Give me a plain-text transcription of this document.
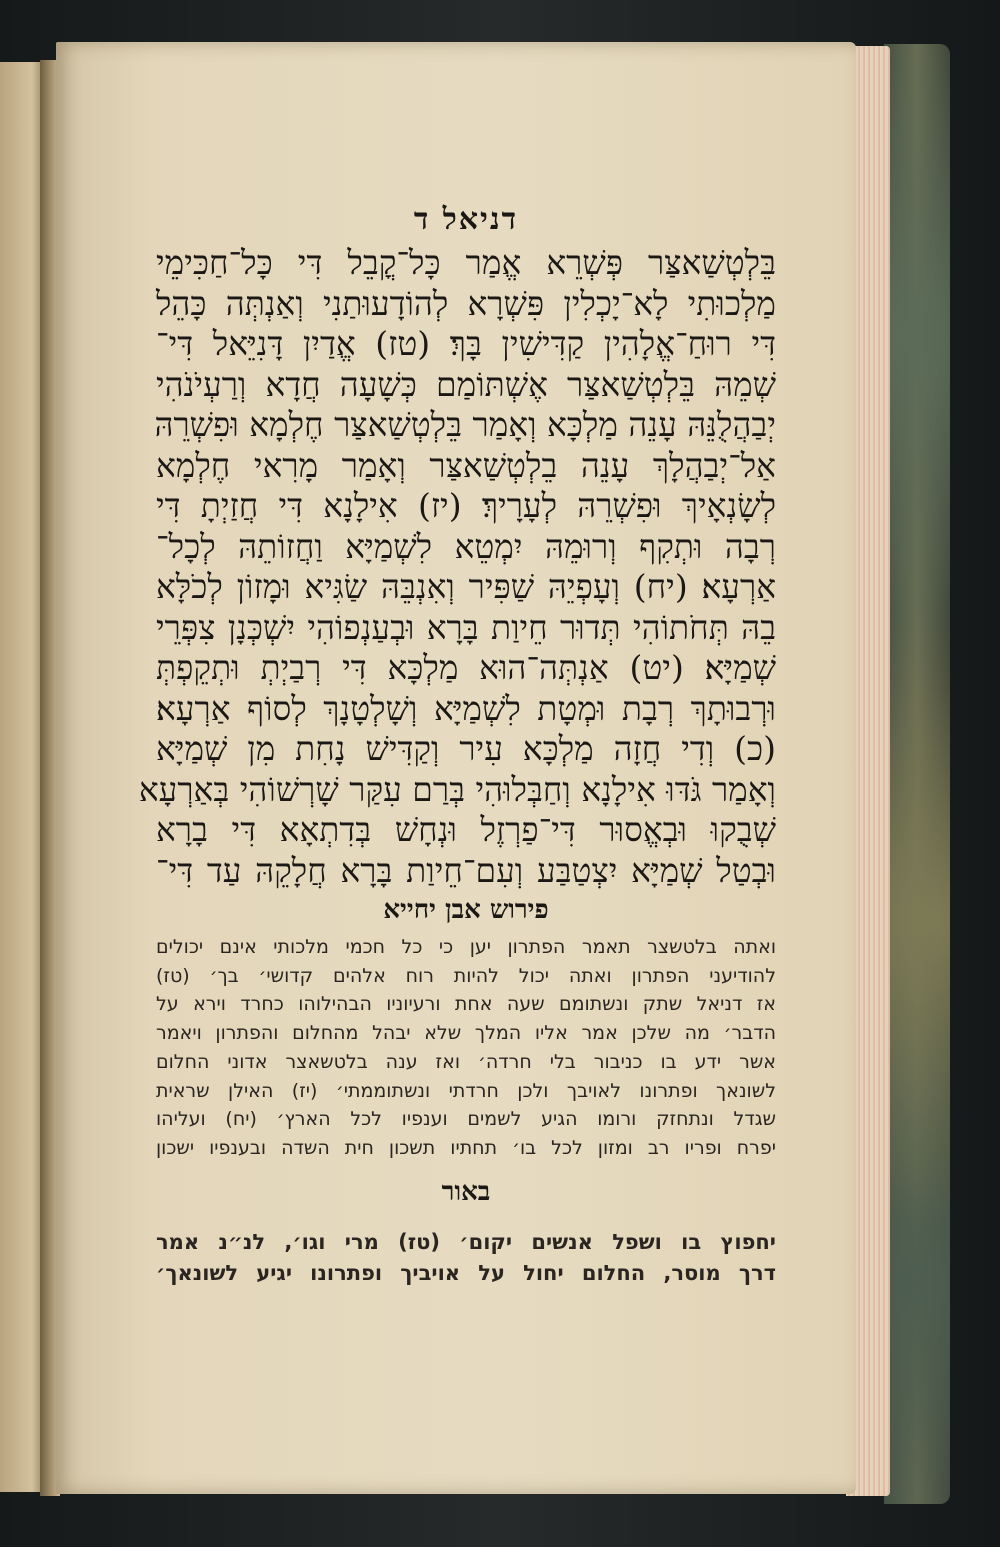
דניאל ד
בֵּלְטְשַׁאצַּר פְּשְׁרֵא אֱמַר כָּל־קֳבֵל דִּי כָּל־חַכִּימֵי
מַלְכוּתִי לָא־יָכְלִין פִּשְׁרָא לְהוֹדָעוּתַנִי וְאַנְתְּה כָּהֵל
דִּי רוּחַ־אֱלָהִין קַדִּישִׁין בָּךְ׃ (טז) אֱדַיִן דָּנִיֵּאל דִּי־
שְׁמֵהּ בֵּלְטְשַׁאצַּר אֶשְׁתּוֹמַם כְּשָׁעָה חֲדָא וְרַעְיֹנֹהִי
יְבַהֲלֻנֵּהּ עָנֵה מַלְכָּא וְאָמַר בֵּלְטְשַׁאצַּר חֶלְמָא וּפִשְׁרֵהּ
אַל־יְבַהֲלָךְ עָנֵה בֵלְטְשַׁאצַּר וְאָמַר מָרִאי חֶלְמָא
לְשָׂנְאָיךְ וּפִשְׁרֵהּ לְעָרָיךְ׃ (יז) אִילָנָא דִּי חֲזַיְתָ דִּי
רְבָה וּתְקִף וְרוּמֵהּ יִמְטֵא לִשְׁמַיָּא וַחֲזוֹתֵהּ לְכָל־
אַרְעָא׃ (יח) וְעָפְיֵהּ שַׁפִּיר וְאִנְבֵּהּ שַׂגִּיא וּמָזוֹן לְכֹלָּא
בֵהּ תְּחֹתוֹהִי תְּדוּר חֵיוַת בָּרָא וּבְעַנְפוֹהִי יִשְׁכְּנָן צִפְּרֵי
שְׁמַיָּא׃ (יט) אַנְתְּה־הוּא מַלְכָּא דִּי רְבַיְתְ וּתְקֵפְתְּ
וּרְבוּתָךְ רְבָת וּמְטָת לִשְׁמַיָּא וְשָׁלְטָנָךְ לְסוֹף אַרְעָא׃
(כ) וְדִי חֲזָה מַלְכָּא עִיר וְקַדִּישׁ נָחִת מִן שְׁמַיָּא
וְאָמַר גֹּדּוּ אִילָנָא וְחַבְּלוּהִי בְּרַם עִקַּר שָׁרְשׁוֹהִי בְּאַרְעָא
שְׁבֻקוּ וּבְאֱסוּר דִּי־פַרְזֶל וּנְחָשׁ בְּדִתְאָא דִּי בָרָא
וּבְטַל שְׁמַיָּא יִצְטַבַּע וְעִם־חֵיוַת בָּרָא חֲלָקֵהּ עַד דִּי־
פירוש אבן יחייא
ואתה בלטשצר תאמר הפתרון יען כי כל חכמי מלכותי אינם יכולים
להודיעני הפתרון ואתה יכול להיות רוח אלהים קדושי׳ בך׳ (טז)
אז דניאל שתק ונשתומם שעה אחת ורעיוניו הבהילוהו כחרד וירא על
הדבר׳ מה שלכן אמר אליו המלך שלא יבהל מהחלום והפתרון ויאמר
אשר ידע בו כניבור בלי חרדה׳ ואז ענה בלטשאצר אדוני החלום
לשונאך ופתרונו לאויבך ולכן חרדתי ונשתוממתי׳ (יז) האילן שראית
שגדל ונתחזק ורומו הגיע לשמים וענפיו לכל הארץ׳ (יח) ועליהו
יפרח ופריו רב ומזון לכל בו׳ תחתיו תשכון חית השדה ובענפיו ישכון
באור
יחפוץ בו ושפל אנשים יקום׳ (טז) מרי וגו׳, לנ״נ אמר
דרך מוסר, החלום יחול על אויביך ופתרונו יגיע לשונאך׳
